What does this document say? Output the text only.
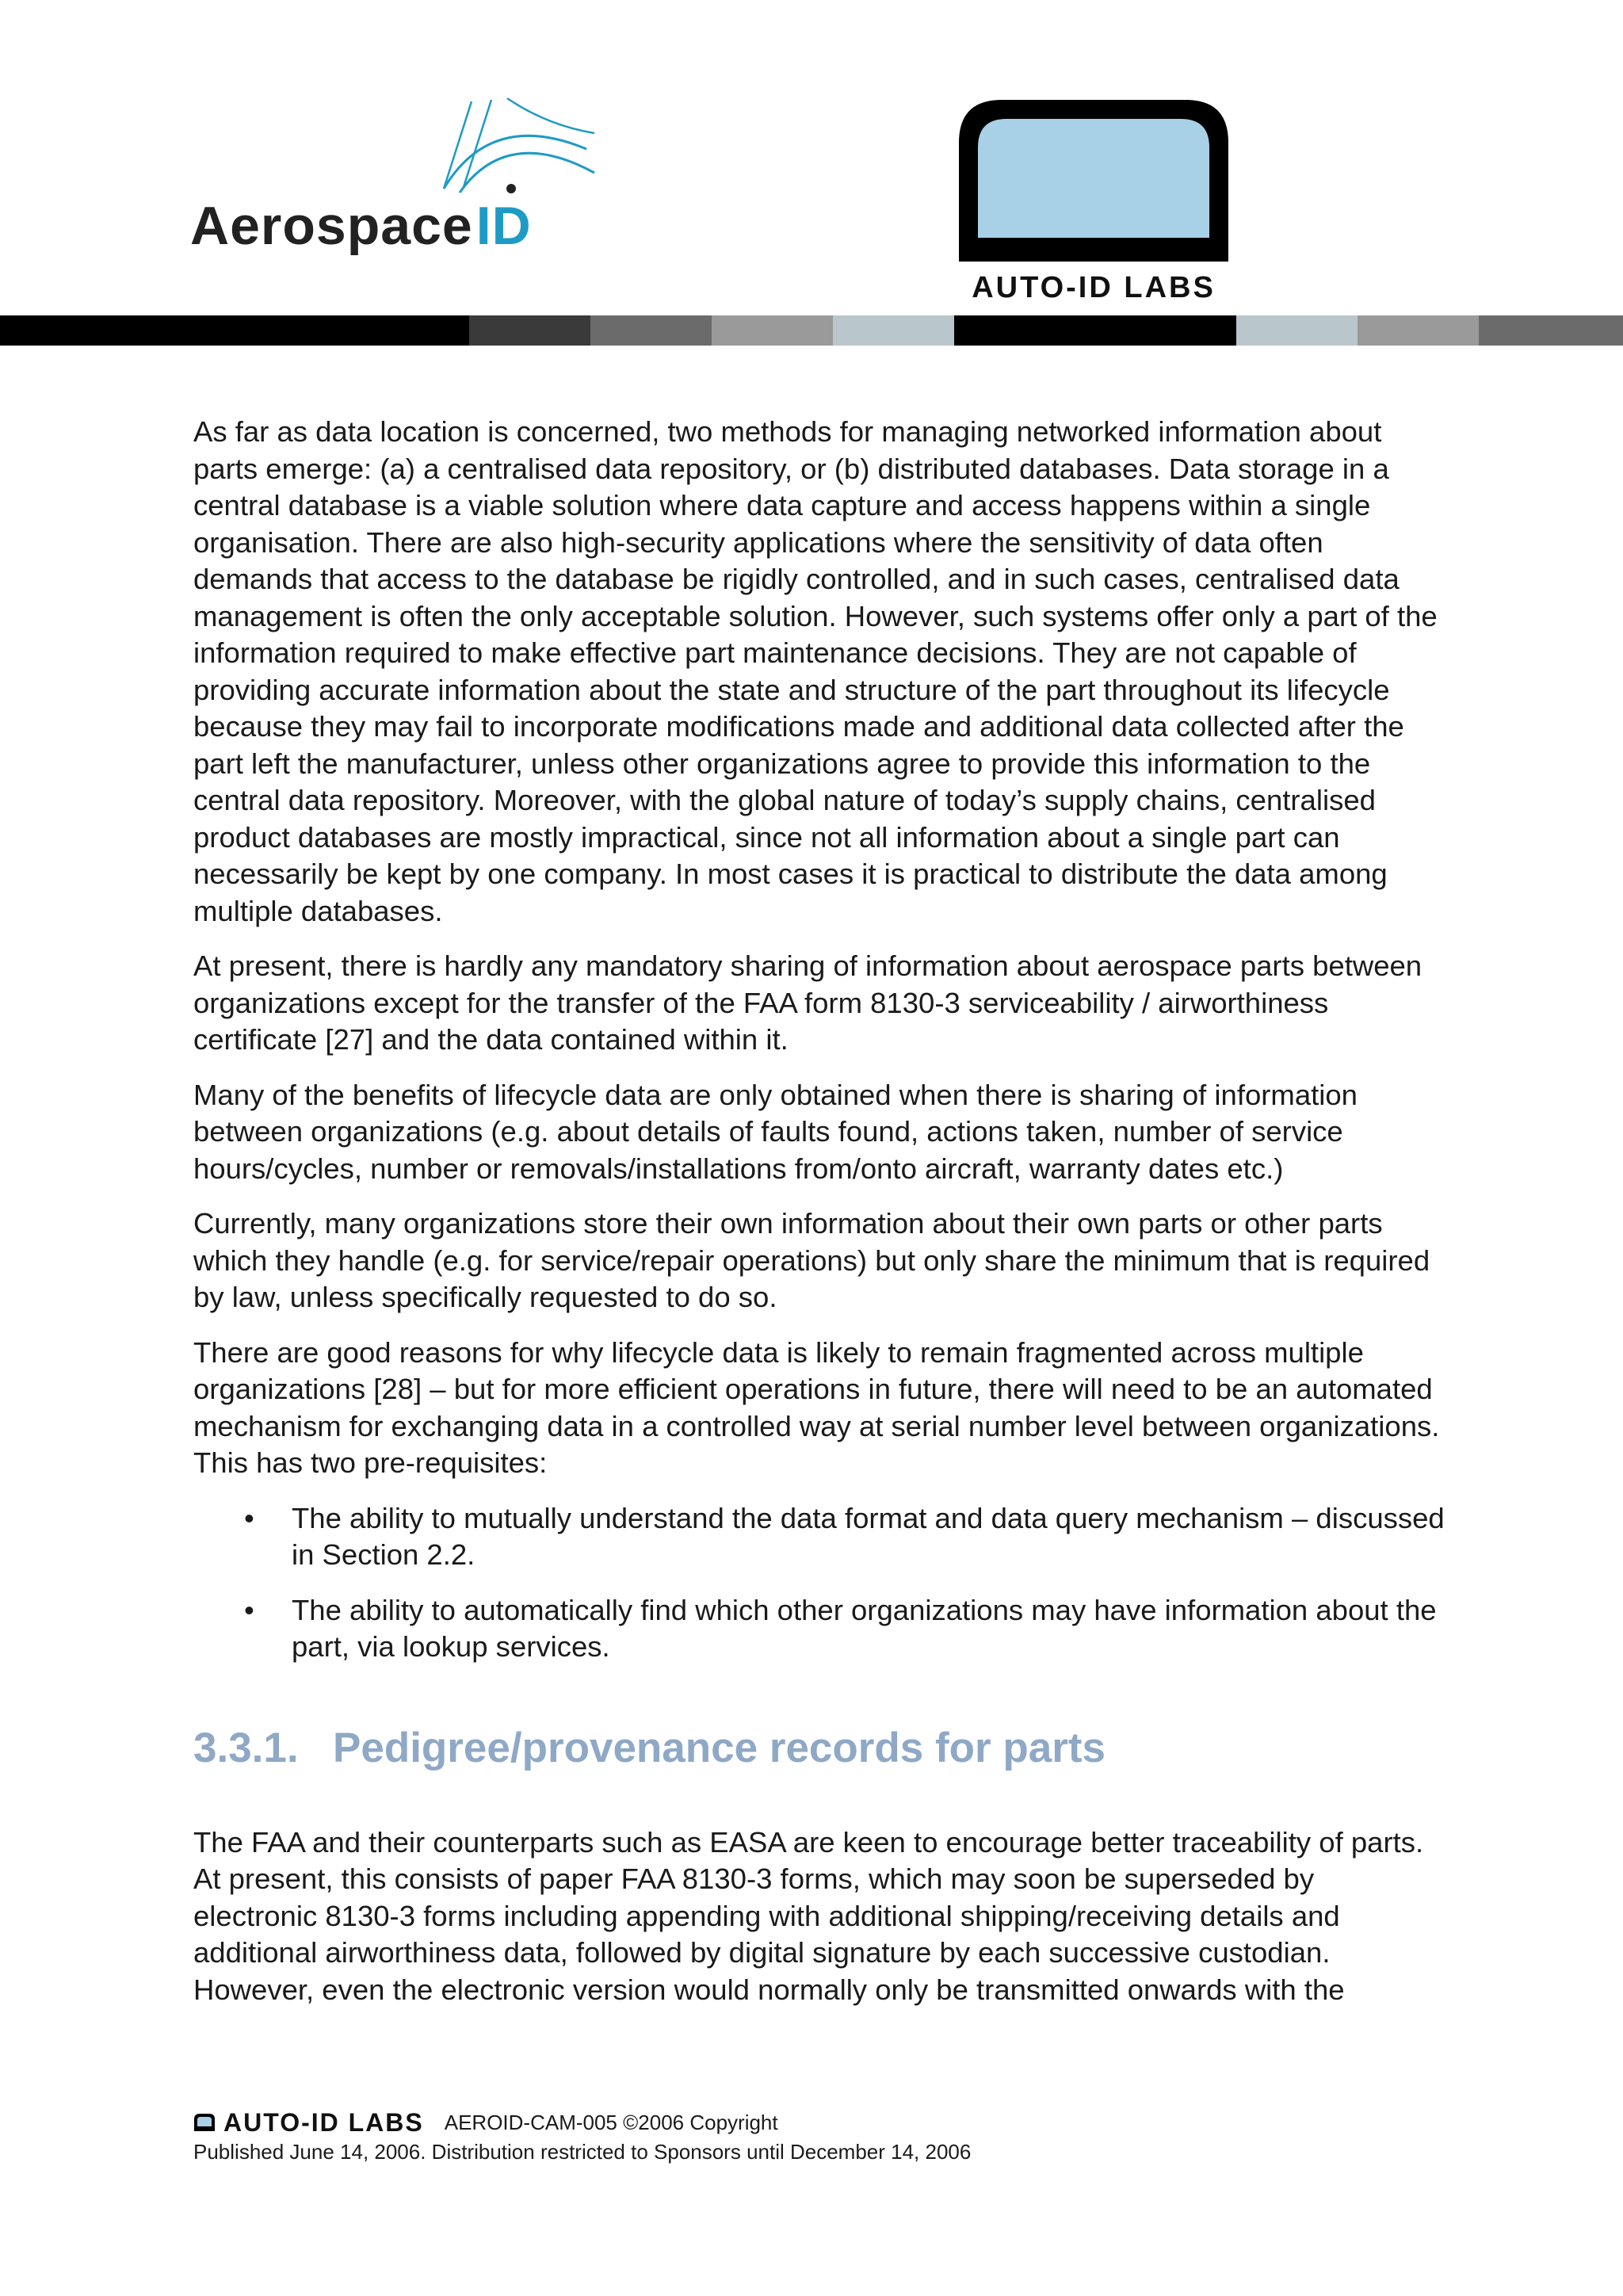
AerospaceID
AUTO-ID LABS

As far as data location is concerned, two methods for managing networked information about parts emerge: (a) a centralised data repository, or (b) distributed databases. Data storage in a central database is a viable solution where data capture and access happens within a single organisation. There are also high-security applications where the sensitivity of data often demands that access to the database be rigidly controlled, and in such cases, centralised data management is often the only acceptable solution. However, such systems offer only a part of the information required to make effective part maintenance decisions. They are not capable of providing accurate information about the state and structure of the part throughout its lifecycle because they may fail to incorporate modifications made and additional data collected after the part left the manufacturer, unless other organizations agree to provide this information to the central data repository. Moreover, with the global nature of today’s supply chains, centralised product databases are mostly impractical, since not all information about a single part can necessarily be kept by one company. In most cases it is practical to distribute the data among multiple databases.

At present, there is hardly any mandatory sharing of information about aerospace parts between organizations except for the transfer of the FAA form 8130-3 serviceability / airworthiness certificate [27] and the data contained within it.

Many of the benefits of lifecycle data are only obtained when there is sharing of information between organizations (e.g. about details of faults found, actions taken, number of service hours/cycles, number or removals/installations from/onto aircraft, warranty dates etc.)

Currently, many organizations store their own information about their own parts or other parts which they handle (e.g. for service/repair operations) but only share the minimum that is required by law, unless specifically requested to do so.

There are good reasons for why lifecycle data is likely to remain fragmented across multiple organizations [28] – but for more efficient operations in future, there will need to be an automated mechanism for exchanging data in a controlled way at serial number level between organizations. This has two pre-requisites:

• The ability to mutually understand the data format and data query mechanism – discussed in Section 2.2.
• The ability to automatically find which other organizations may have information about the part, via lookup services.
3.3.1. Pedigree/provenance records for parts

The FAA and their counterparts such as EASA are keen to encourage better traceability of parts. At present, this consists of paper FAA 8130-3 forms, which may soon be superseded by electronic 8130-3 forms including appending with additional shipping/receiving details and additional airworthiness data, followed by digital signature by each successive custodian. However, even the electronic version would normally only be transmitted onwards with the

AUTO-ID LABS AEROID-CAM-005 ©2006 Copyright
Published June 14, 2006. Distribution restricted to Sponsors until December 14, 2006
